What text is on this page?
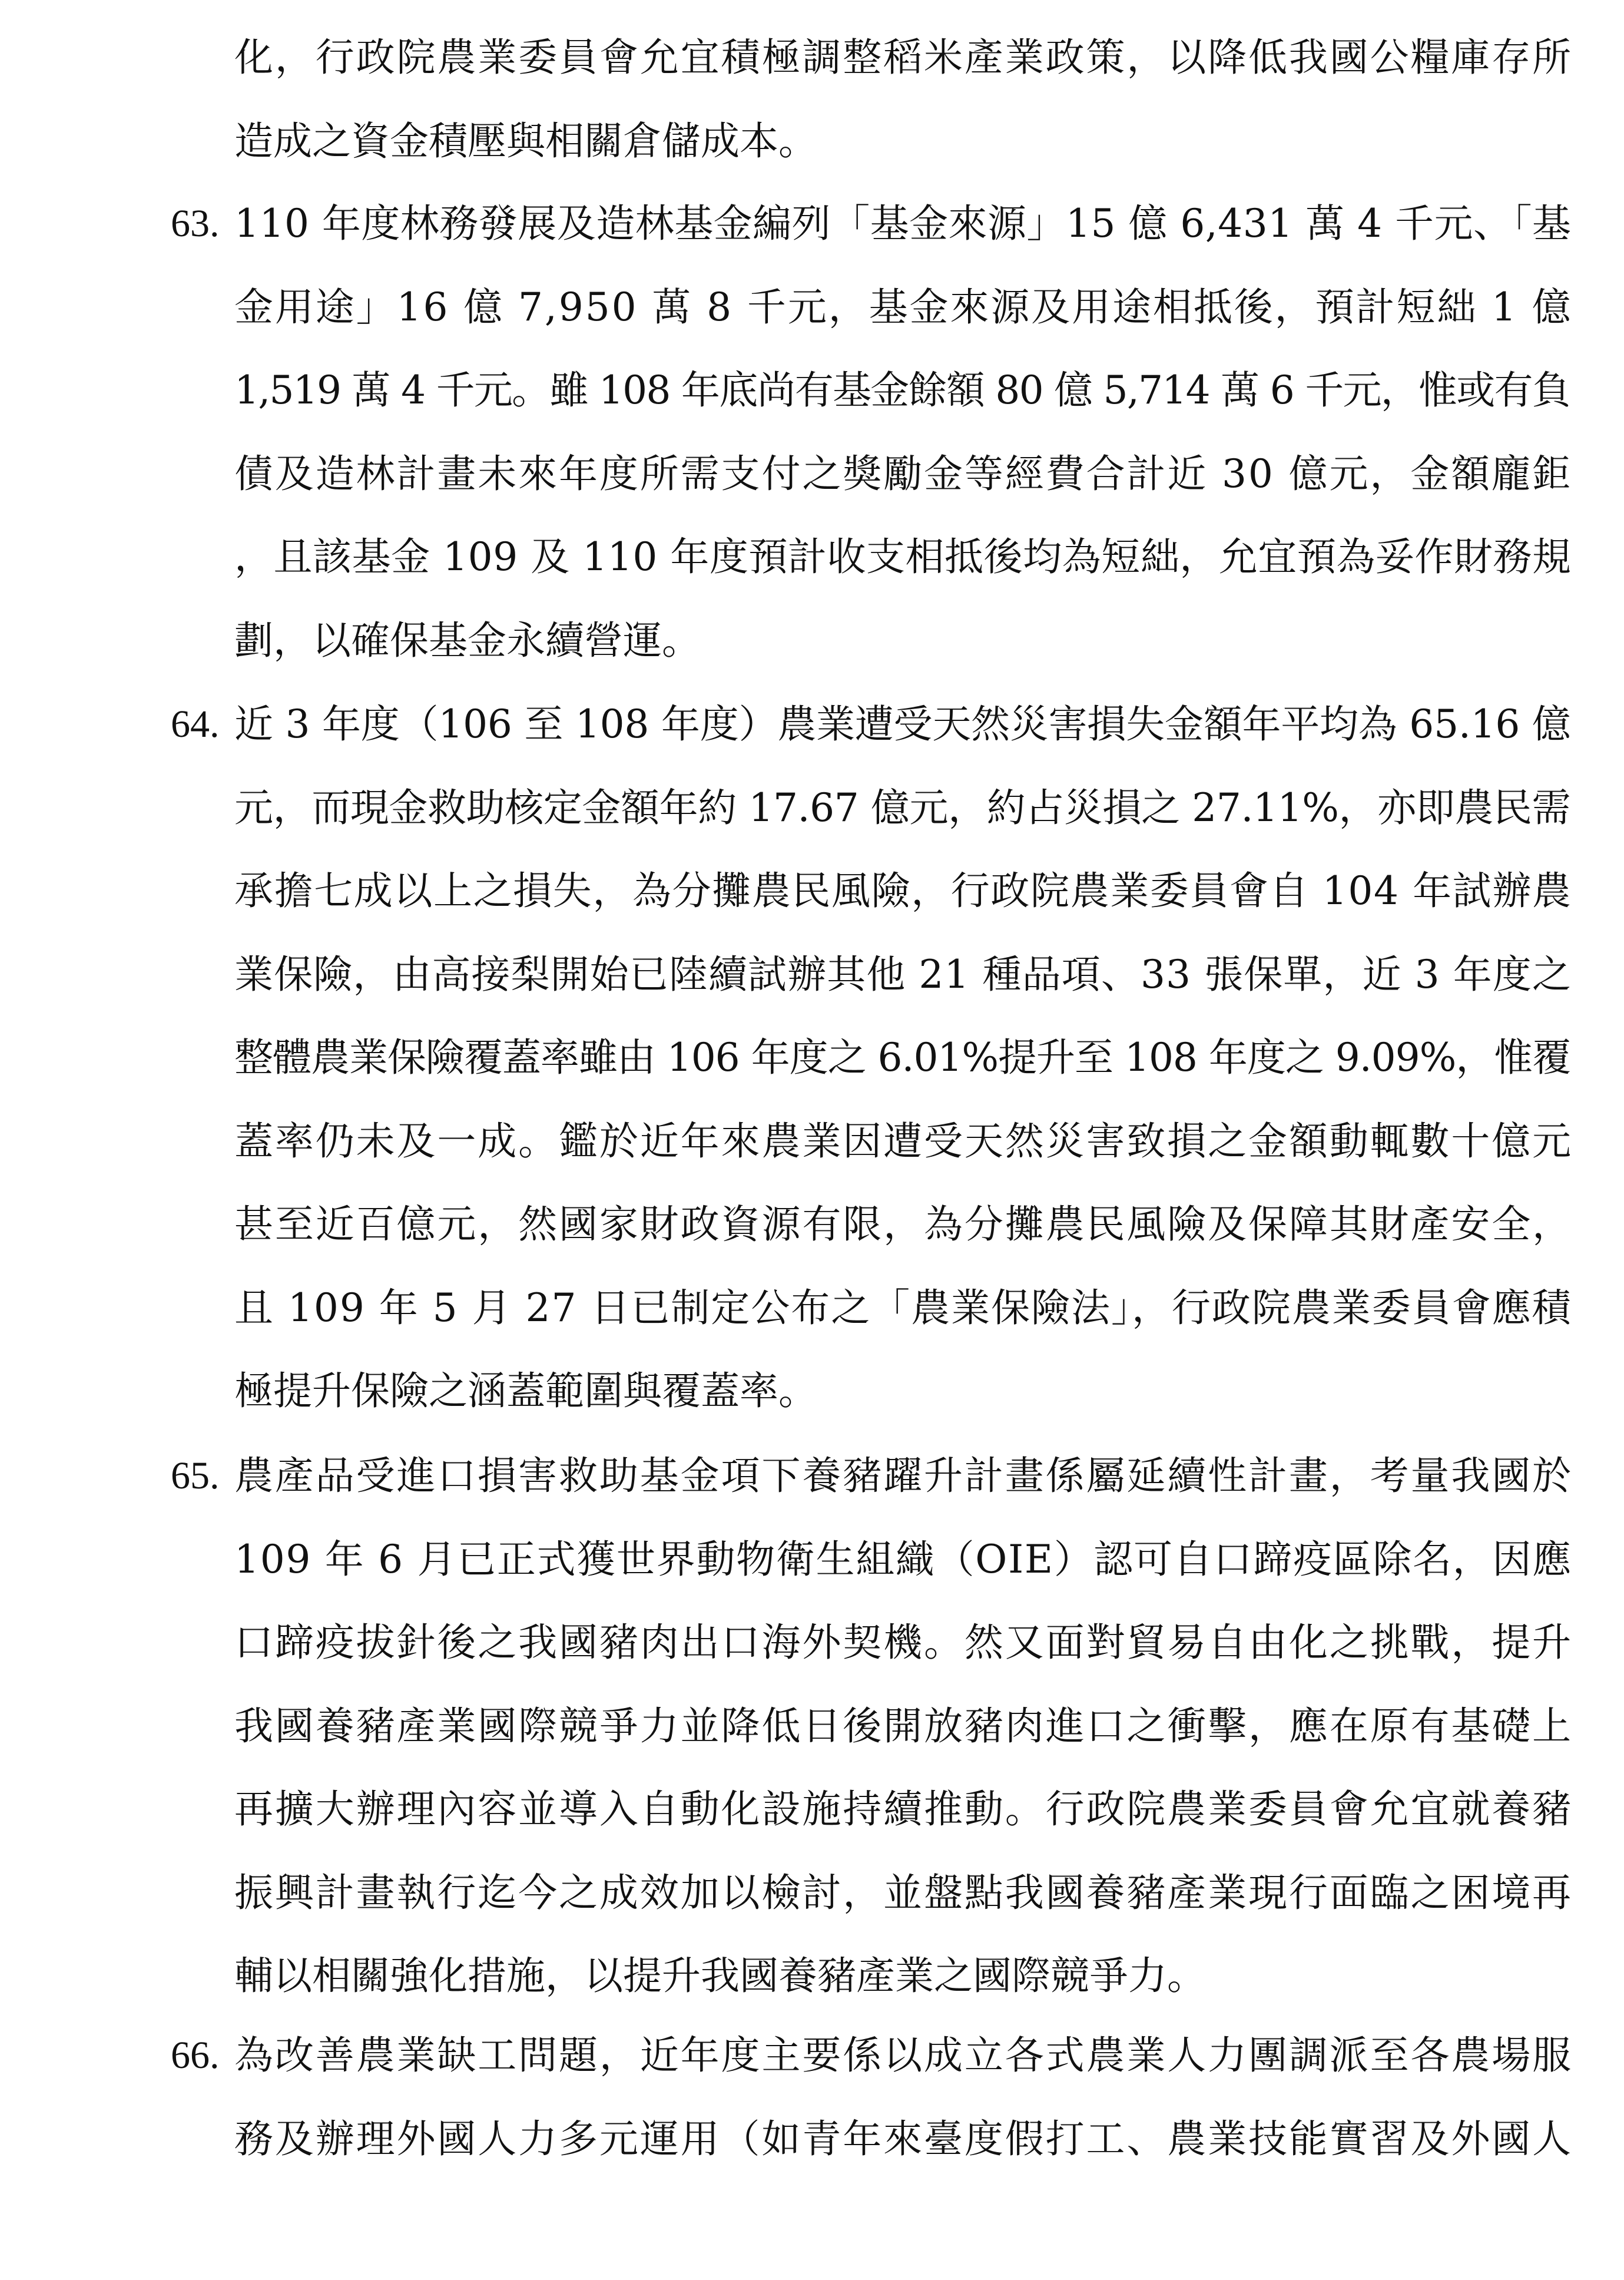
化，行政院農業委員會允宜積極調整稻米產業政策，以降低我國公糧庫存所
造成之資金積壓與相關倉儲成本。
63. 110 年度林務發展及造林基金編列「基金來源」15 億 6,431 萬 4 千元、「基
金用途」16 億 7,950 萬 8 千元，基金來源及用途相抵後，預計短絀 1 億
1,519 萬 4 千元。雖 108 年底尚有基金餘額 80 億 5,714 萬 6 千元，惟或有負
債及造林計畫未來年度所需支付之獎勵金等經費合計近 30 億元，金額龐鉅
，且該基金 109 及 110 年度預計收支相抵後均為短絀，允宜預為妥作財務規
劃，以確保基金永續營運。
64. 近 3 年度（106 至 108 年度）農業遭受天然災害損失金額年平均為 65.16 億
元，而現金救助核定金額年約 17.67 億元，約占災損之 27.11%，亦即農民需
承擔七成以上之損失，為分攤農民風險，行政院農業委員會自 104 年試辦農
業保險，由高接梨開始已陸續試辦其他 21 種品項、33 張保單，近 3 年度之
整體農業保險覆蓋率雖由 106 年度之 6.01%提升至 108 年度之 9.09%，惟覆
蓋率仍未及一成。鑑於近年來農業因遭受天然災害致損之金額動輒數十億元
甚至近百億元，然國家財政資源有限，為分攤農民風險及保障其財產安全，
且 109 年 5 月 27 日已制定公布之「農業保險法」，行政院農業委員會應積
極提升保險之涵蓋範圍與覆蓋率。
65. 農產品受進口損害救助基金項下養豬躍升計畫係屬延續性計畫，考量我國於
109 年 6 月已正式獲世界動物衛生組織（OIE）認可自口蹄疫區除名，因應
口蹄疫拔針後之我國豬肉出口海外契機。然又面對貿易自由化之挑戰，提升
我國養豬產業國際競爭力並降低日後開放豬肉進口之衝擊，應在原有基礎上
再擴大辦理內容並導入自動化設施持續推動。行政院農業委員會允宜就養豬
振興計畫執行迄今之成效加以檢討，並盤點我國養豬產業現行面臨之困境再
輔以相關強化措施，以提升我國養豬產業之國際競爭力。
66. 為改善農業缺工問題，近年度主要係以成立各式農業人力團調派至各農場服
務及辦理外國人力多元運用（如青年來臺度假打工、農業技能實習及外國人
